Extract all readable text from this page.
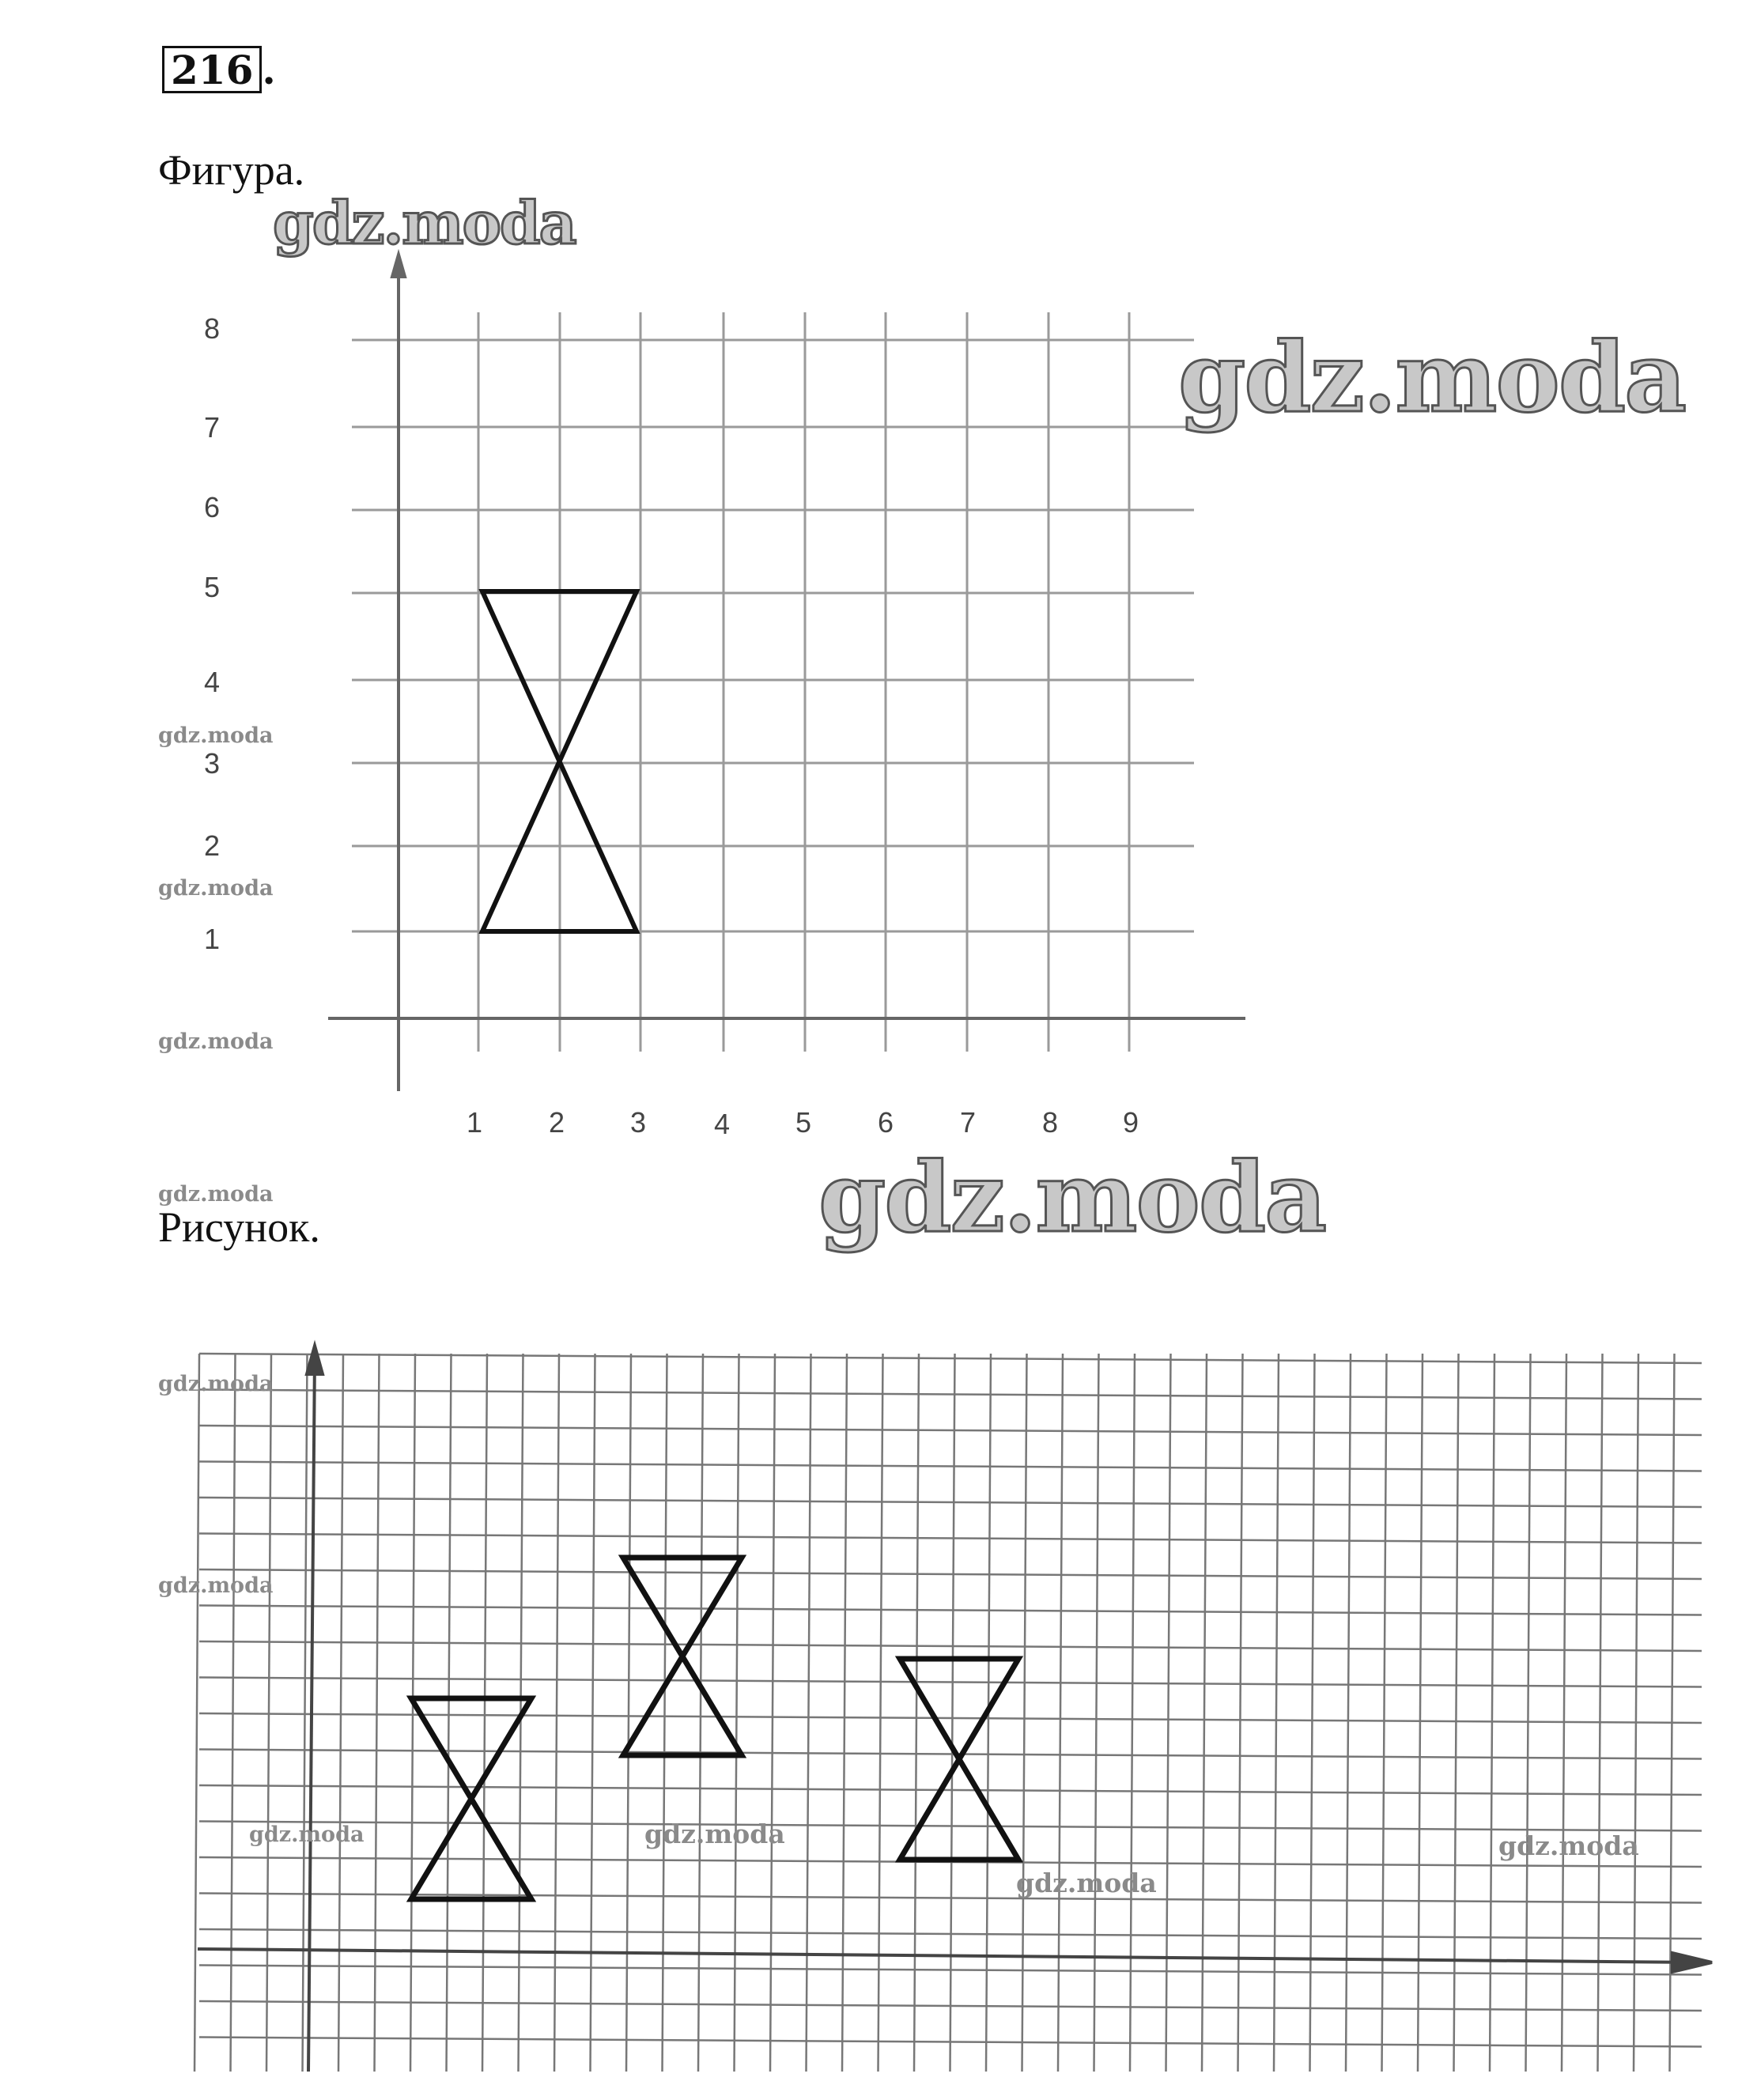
216 .
Фигура.
Рисунок.
1
2
3
4
5
6
7
8
1 2 3 4 5 6 7 8 9
gdz.moda
gdz.moda
gdz.moda
gdz.moda
gdz.moda
gdz.moda
gdz.moda
gdz.moda
gdz.moda
gdz.moda	gdz.moda
gdz.moda
gdz.moda
